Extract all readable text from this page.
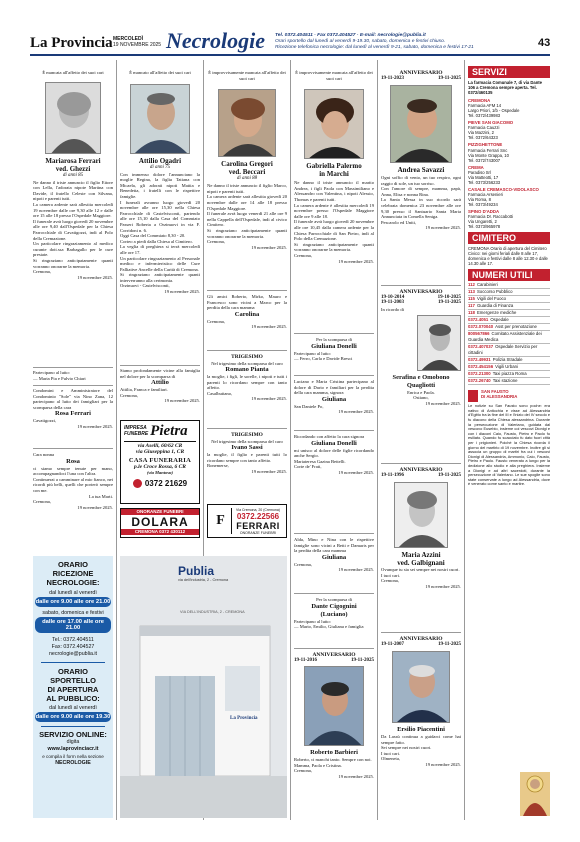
La Provincia MERCOLEDÌ
19 NOVEMBRE 2025 Necrologie Tel. 0372.404511 · Fax 0372.404527 · E-mail: necrologie@publia.it
Orari sportello dal lunedì al venerdì 9-19.30, sabato, domenica e festivi chiuso.
Ricezione telefonica necrologie: dal lunedì al venerdì 9-21, sabato, domenica e festivi 17-21	43
È mancata all'affetto dei suoi cari
Mariarosa Ferrari
ved. Ghezzi
di anni 85
Ne danno il triste annuncio il figlio Ettore con Lella, l'adorata nipote Martina con Davide, il fratello Celeste con Silvana, nipoti e parenti tutti.
La camera ardente sarà allestita mercoledì 19 novembre dalle ore 9,30 alle 12 e dalle ore 15 alle 18 presso l'Ospedale Maggiore.
Il funerale avrà luogo giovedì 20 novembre alle ore 9,40 dall'Ospedale per la Chiesa Parrocchiale di Cavatigozzi, indi al Polo della Cremazione.
Un particolare ringraziamento al medico curante dott.ssa Barbagallo per le cure prestate.
Si ringraziano anticipatamente quanti vorranno onorarne la memoria.
Cremona,
19 novembre 2025.
Partecipano al lutto:
— Maria Pia e Fulvio Chiari
Condomini e Amministratore del Condominio "Sole" via Nino Zana, 12 partecipano al lutto dei famigliari per la scomparsa della cara
Rosa Ferrari
Cavatigozzi,
19 novembre 2025.
Cara nonna
Rosa
ci siamo sempre tenute per mano, accompagnandoci l'una con l'altra.
Continuerai a camminare al mio fianco, nei ricordi più belli, quelli che porterò sempre con me.
La tua Marti.
Cremona,
19 novembre 2025.
È mancato all'affetto dei suoi cari
Attilio Ogadri
di anni 75
Con immenso dolore l'annunciano la moglie Regina, la figlia Tatiana con Micaela, gli adorati nipoti Mattia e Benedetta, i fratelli con le rispettive famiglie.
I funerali avranno luogo giovedì 20 novembre alle ore 15,30 nella Chiesa Parrocchiale di Castelvisconti, partendo alle ore 15,10 dalla Casa del Commiato Passeri Roberta a Orzinuovi in via F. Corridoni n. 6.
Oggi Casa del Commiato 8,30 - 20.
Corteo a piedi dalla Chiesa al Cimitero.
La veglia di preghiera si terrà mercoledì alle ore 17.
Un particolare ringraziamento al Personale medico e infermieristico delle Cure Palliative Ancelle della Carità di Cremona.
Si ringraziano anticipatamente quanti interverranno alla cerimonia.
Orzinuovi - Castelvisconti,
19 novembre 2025.
Siamo profondamente vicine alla famiglia nel dolore per la scomparsa di
Attilio
Attilia, Franca e familiari.
Cremona,
19 novembre 2025.
IMPRESA
FUNEBRE Pietra
via Aselli, 60/62 CR
via Giuseppina 1, CR
CASA FUNERARIA
p.le Croce Rossa, 6 CR
(via Mantova)
0372 21629
ONORANZE FUNEBRI
DOLARA
CREMONA 0372 430112
È improvvisamente mancata all'affetto dei suoi cari
Carolina Gregori
ved. Beccari
di anni 88
Ne danno il triste annuncio il figlio Marco, nipoti e parenti tutti.
La camera ardente sarà allestita giovedì 20 novembre dalle ore 14 alle 18 presso l'Ospedale Maggiore.
Il funerale avrà luogo venerdì 21 alle ore 9 nella Cappella dell'Ospedale, indi al civico Cimitero.
Si ringraziano anticipatamente quanti vorranno onorarne la memoria.
Cremona,
19 novembre 2025.
Gli amici Roberto, Mirko, Mauro e Francesco sono vicini a Marco per la perdita della cara mamma
Carolina
Cremona,
19 novembre 2025.
TRIGESIMO
Nel trigesimo della scomparsa del caro
Romano Pianta
la moglie, i figli, le sorelle, i nipoti e tutti i parenti lo ricordano sempre con tanto affetto.
Casalbuttano,
19 novembre 2025.
TRIGESIMO
Nel trigesimo della scomparsa del caro
Ivano Sassi
la moglie, il figlio e parenti tutti lo ricordano sempre con tanto affetto.
Bonemerse,
19 novembre 2025.
F
Via Cremona, 20 (Cremona)
0372.22566
FERRARI
ONORANZE FUNEBRI
È improvvisamente mancata all'affetto dei suoi cari
Gabriella Palermo
in Marchi
Ne danno il triste annuncio il marito Andrea, i figli Paola con Massimiliano e Alessandro con Valentina, i nipoti Alessio, Thomas e parenti tutti.
La camera ardente è allestita mercoledì 19 novembre presso l'Ospedale Maggiore dalle ore 9 alle 18.
Il funerale avrà luogo giovedì 20 novembre alle ore 10,45 dalla camera ardente per la Chiesa Parrocchiale di San Pietro, indi al Polo della Cremazione.
Si ringraziano anticipatamente quanti vorranno onorarne la memoria.
Cremona,
19 novembre 2025.
Per la scomparsa di
Giuliana Donelli
Partecipano al lutto:
— Ferro, Carla e Davide Bresci
Luciano e Maria Cristina partecipano al dolore di Dario e familiari per la perdita della cara mamma, signora
Giuliana
San Daniele Po,
19 novembre 2025.
Ricordando con affetto la cara signora
Giuliana Donelli
mi unisco al dolore delle figlie ricordando anche Sergio.
Mariateresa Gazina Bettelli.
Corte de' Frati,
19 novembre 2025.
Alda, Mino e Nina con le rispettive famiglie sono vicini a Betti e Damaris per la perdita della cara mamma
Giuliana
Cremona,
19 novembre 2025.
Per la scomparsa di
Dante Cigognini
(Luciano)
Partecipano al lutto:
— Mario, Emilio, Giuliana e famiglia
ANNIVERSARIO
19-11-2016	19-11-2025
Roberto Barbieri
Roberto, ci manchi tanto. Sempre con noi.
Mamma, Paola e Cristina.
Cremona,
19 novembre 2025.
ANNIVERSARIO
19-11-2023	19-11-2025
Andrea Savazzi
Ogni soffio di vento, un tuo respiro, ogni raggio di sole, un tuo sorriso.
Con l'amore di sempre, mamma, papà, Anna, Elisa e nonna Rina.
La Santa Messa in suo ricordo sarà celebrata domenica 23 novembre alle ore 9,30 presso il Santuario Santa Maria Annunciata in Comella Seniga.
Pescarolo ed Uniti,
19 novembre 2025.
ANNIVERSARIO
19-10-2014	19-10-2025
19-11-2003	19-11-2025
In ricordo di
Serafina e Omobono
Quagliotti
Enrica e Paola.
Ostiano,
19 novembre 2025.
ANNIVERSARIO
19-11-1996	19-11-2025
Maria Azzini
ved. Galbignani
Ovunque tu sia sei sempre nei nostri cuori.
I tuoi cari.
Cremona,
19 novembre 2025.
ANNIVERSARIO
19-11-2007	19-11-2025
Ersilio Piacentini
Da Lassù continua a guidarci come hai sempre fatto.
Sei sempre nei nostri cuori.
I tuoi cari.
Olmeneta,
19 novembre 2025.
ORARIO
RICEZIONE NECROLOGIE:
dal lunedì al venerdì
dalle ore 9.00 alle ore 21.00
sabato, domenica e festivi
dalle ore 17.00 alle ore 21.00
Tel.: 0372.404511
Fax: 0372.404527
necrologie@publia.it
ORARIO SPORTELLO
DI APERTURA
AL PUBBLICO:
dal lunedì al venerdì
dalle ore 9.00 alle ore 19.30
SERVIZIO ONLINE:
digita
www.laprovinciacr.it
e compila il form nella sezione
NECROLOGIE
Publia
via dell'industria, 2 - Cremona
VIA DELL'INDUSTRIA, 2 - CREMONA
La Provincia
SERVIZI
La farmacia Comunale 7, di via Dante 106 a Cremona sempre aperta. Tel. 0372/460135
CREMONA
Farmacia AFM 14
Largo Priori, 1/b - Ospedale
Tel. 0372/439983
PIEVE SAN GIACOMO
Farmacia Cauzzi
Via Mazzini, 2
Tel. 0372/64323
PIZZIGHETTONE
Farmacia Ferrari Snc
Via Monte Grappa, 10
Tel. 0372/743007
CREMA
Paradiso Srl
Via Matteotti, 17
Tel. 0373/256233
CASALE CREMASCO-VIDOLASCO
Farmacia Arsenieri
Via Roma, 8
Tel. 0373/49234
SPINO D'ADDA
Farmacia Dr. Raccabotti
Via Ungaretti, 2
Tel. 0373/965978
CIMITERO
CREMONA Orario di apertura del Cimitero Civico: nei giorni feriali dalle 8 alle 17, domenica e festivi dalle 8 alle 12.30 e dalle 14.30 alle 17.
NUMERI UTILI
112 Carabinieri
113 Soccorso Pubblico
115 Vigili del Fuoco
117 Guardia di Finanza
118 Emergenze mediche
0372.4051 Ospedale
0372.070040 Asst per prenotazione
800567866 Comitato Assistenziale dei Guardia Medica
0372.407037 Ospedale Servizio per cittadini
0372.49931 Polizia Stradale
0372.454156 Vigili Urbani
0372.21300 Taxi piazza Roma
0372.26740 Taxi stazione
SAN FAUSTO
DI ALESSANDRIA
Le notizie su San Fausto sono poche: era nativo di Antiochia e visse ad Alessandria d'Egitto tra la fine del III e l'inizio del IV secolo e fu diacono della Chiesa alessandrina. Durante la persecuzione di Valeriano, guidata dal vescovo Eusebio, insieme coi vescovi Dionigi e con i diaconi Caio, Fausto, Pietro e Paolo fu esiliato. Quando fu scacciato fu dato fuori città per i prigionieri. Poiché la Chiesa ricorda il giorno del martirio di 19 novembre. Inoltre gli si associa un gruppo di martiri fra cui i vescovi Dionigi di Alessandria, Ammonio, Caio, Fausto, Pietro e Paolo. Fausto venerato a lungo per la dedizione allo studio e alla preghiera. Insieme a Dionigi e ad altri sacerdoti, durante la persecuzione di Valeriano. Le sue spoglie sono state conservate a lungo ad Alessandria, dove è venerato come santo e martire.
